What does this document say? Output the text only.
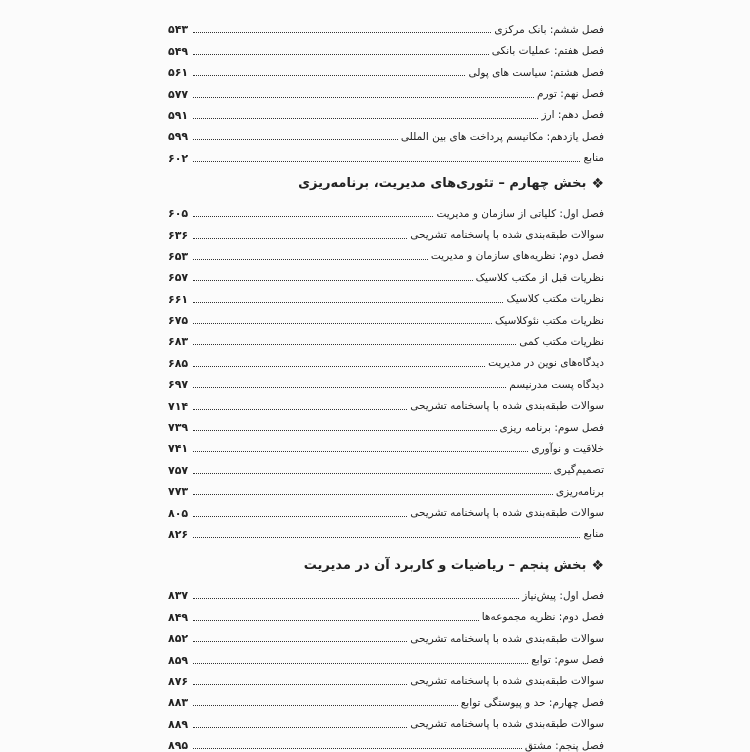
فصل ششم: بانک مرکزی
۵۴۳
فصل هفتم: عملیات بانکی
۵۴۹
فصل هشتم: سیاست های پولی
۵۶۱
فصل نهم: تورم
۵۷۷
فصل دهم: ارز
۵۹۱
فصل یازدهم: مکانیسم پرداخت های بین المللی
۵۹۹
منابع
۶۰۲
❖
بخش چهارم – تئوری‌های مدیریت، برنامه‌ریزی
فصل اول: کلیاتی از سازمان و مدیریت
۶۰۵
سوالات طبقه‌بندی شده با پاسخنامه تشریحی
۶۳۶
فصل دوم: نظریه‌های سازمان و مدیریت
۶۵۳
نظریات قبل از مکتب کلاسیک
۶۵۷
نظریات مکتب کلاسیک
۶۶۱
نظریات مکتب نئوکلاسیک
۶۷۵
نظریات مکتب کمی
۶۸۳
دیدگاه‌های نوین در مدیریت
۶۸۵
دیدگاه پست مدرنیسم
۶۹۷
سوالات طبقه‌بندی شده با پاسخنامه تشریحی
۷۱۴
فصل سوم: برنامه ریزی
۷۳۹
خلاقیت و نوآوری
۷۴۱
تصمیم‌گیری
۷۵۷
برنامه‌ریزی
۷۷۳
سوالات طبقه‌بندی شده با پاسخنامه تشریحی
۸۰۵
منابع
۸۲۶
❖
بخش پنجم – ریاضیات و کاربرد آن در مدیریت
فصل اول: پیش‌نیاز
۸۳۷
فصل دوم: نظریه مجموعه‌ها
۸۴۹
سوالات طبقه‌بندی شده با پاسخنامه تشریحی
۸۵۲
فصل سوم: توابع
۸۵۹
سوالات طبقه‌بندی شده با پاسخنامه تشریحی
۸۷۶
فصل چهارم: حد و پیوستگی توابع
۸۸۳
سوالات طبقه‌بندی شده با پاسخنامه تشریحی
۸۸۹
فصل پنجم: مشتق
۸۹۵
